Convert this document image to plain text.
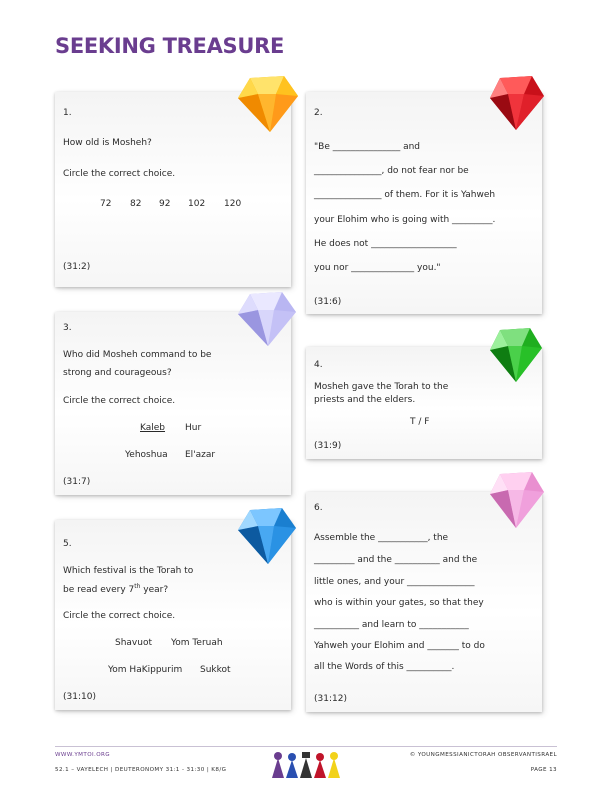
SEEKING TREASURE
1.
How old is Mosheh?
Circle the correct choice.
72 82 92 102 120
(31:2)
2.
"Be _______________ and
_______________, do not fear nor be
_______________ of them. For it is Yahweh
your Elohim who is going with _________.
He does not ___________________
you nor ______________ you."
(31:6)
3.
Who did Mosheh command to be
strong and courageous?
Circle the correct choice.
Kaleb Hur
Yehoshua El'azar
(31:7)
4.
Mosheh gave the Torah to the
priests and the elders.
T / F
(31:9)
5.
Which festival is the Torah to
be read every 7th year?
Circle the correct choice.
Shavuot Yom Teruah
Yom HaKippurim Sukkot
(31:10)
6.
Assemble the ___________, the
_________ and the __________ and the
little ones, and your _______________
who is within your gates, so that they
__________ and learn to ___________
Yahweh your Elohim and _______ to do
all the Words of this __________.
(31:12)
WWW.YMTOI.ORG
52.1 – VAYELECH | DEUTERONOMY 31:1 - 31:30 | K8/G
© YOUNGMESSIANICTORAH OBSERVANTISRAEL
PAGE 13
